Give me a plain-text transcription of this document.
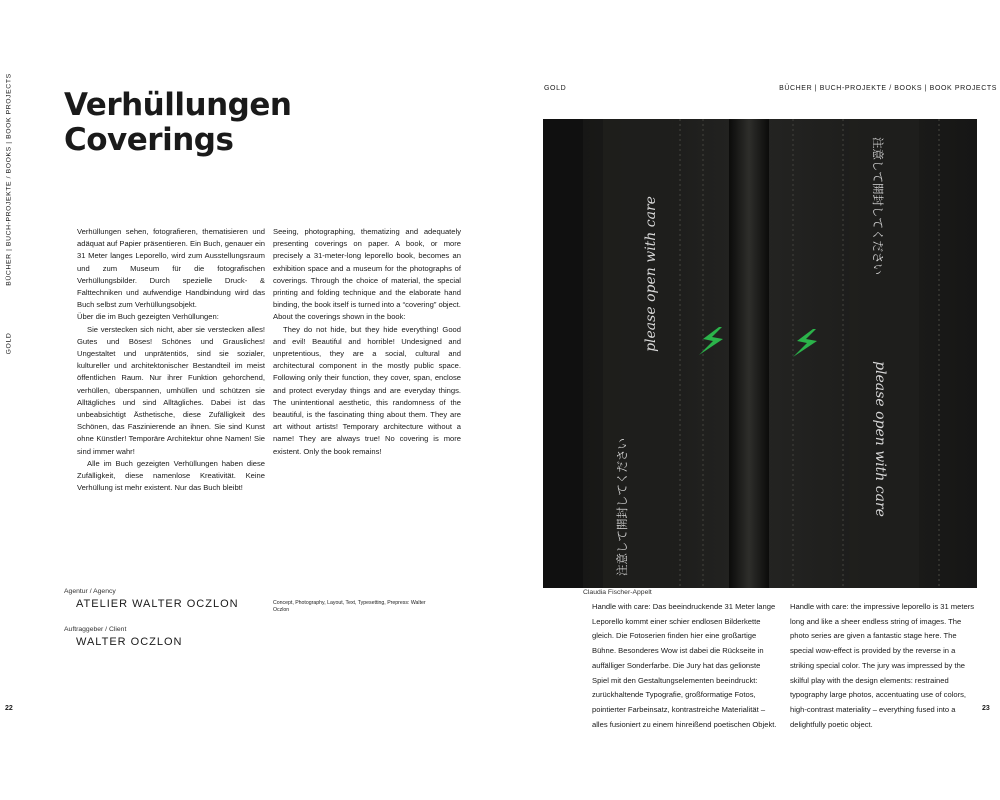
BÜCHER | BUCH-PROJEKTE / BOOKS | BOOK PROJECTS
GOLD
Verhüllungen
Coverings

Verhüllungen sehen, fotografieren, thematisieren und adäquat auf Papier präsentieren. Ein Buch, genauer ein 31 Meter langes Leporello, wird zum Ausstellungsraum und zum Museum für die fotografischen Verhüllungsbilder. Durch spezielle Druck- & Falttechniken und aufwendige Handbindung wird das Buch selbst zum Verhüllungsobjekt.

Über die im Buch gezeigten Verhüllungen:

Sie verstecken sich nicht, aber sie verstecken alles! Gutes und Böses! Schönes und Grausliches! Ungestaltet und unprätentiös, sind sie sozialer, kultureller und architektonischer Bestandteil im meist öffentlichen Raum. Nur ihrer Funktion gehorchend, verhüllen, überspannen, umhüllen und schützen sie Alltägliches und sind Alltägliches. Dabei ist das unbeabsichtigt Ästhetische, diese Zufälligkeit des Schönen, das Faszinierende an ihnen. Sie sind Kunst ohne Künstler! Temporäre Architektur ohne Namen! Sie sind immer wahr!

Alle im Buch gezeigten Verhüllungen haben diese Zufälligkeit, diese namenlose Kreativität. Keine Verhüllung ist mehr existent. Nur das Buch bleibt!

Seeing, photographing, thematizing and adequately presenting coverings on paper. A book, or more precisely a 31-meter-long leporello book, becomes an exhibition space and a museum for the photographs of coverings. Through the choice of material, the special printing and folding technique and the elaborate hand binding, the book itself is turned into a “covering” object.

About the coverings shown in the book:

They do not hide, but they hide everything! Good and evil! Beautiful and horrible! Undesigned and unpretentious, they are a social, cultural and architectural component in the mostly public space. Following only their function, they cover, span, enclose and protect everyday things and are everyday things. The unintentional aesthetic, this randomness of the beautiful, is the fascinating thing about them. They are art without artists! Temporary architecture without a name! They are always true! No covering is more existent. Only the book remains!

Agentur / Agency
ATELIER WALTER OCZLON
Auftraggeber / Client
WALTER OCZLON
Concept, Photography, Layout, Text, Typesetting, Prepress: Walter Oczlon
22
GOLD	BÜCHER | BUCH-PROJEKTE / BOOKS | BOOK PROJECTS
please open with care
please open with care
注意して開封してください
注意して開封してください
Claudia Fischer-Appelt

Handle with care: Das beeindruckende 31 Meter lange Leporello kommt einer schier endlosen Bilderkette gleich. Die Fotoserien finden hier eine großartige Bühne. Besonderes Wow ist dabei die Rückseite in auffälliger Sonderfarbe. Die Jury hat das gelionste Spiel mit den Gestaltungselementen beeindruckt: zurückhaltende Typografie, großformatige Fotos, pointierter Farbeinsatz, kontrastreiche Materialität – alles fusioniert zu einem hinreißend poetischen Objekt.

Handle with care: the impressive leporello is 31 meters long and like a sheer endless string of images. The photo series are given a fantastic stage here. The special wow-effect is provided by the reverse in a striking special color. The jury was impressed by the skilful play with the design elements: restrained typography large photos, accentuating use of colors, high-contrast materiality – everything fused into a delightfully poetic object.

23
